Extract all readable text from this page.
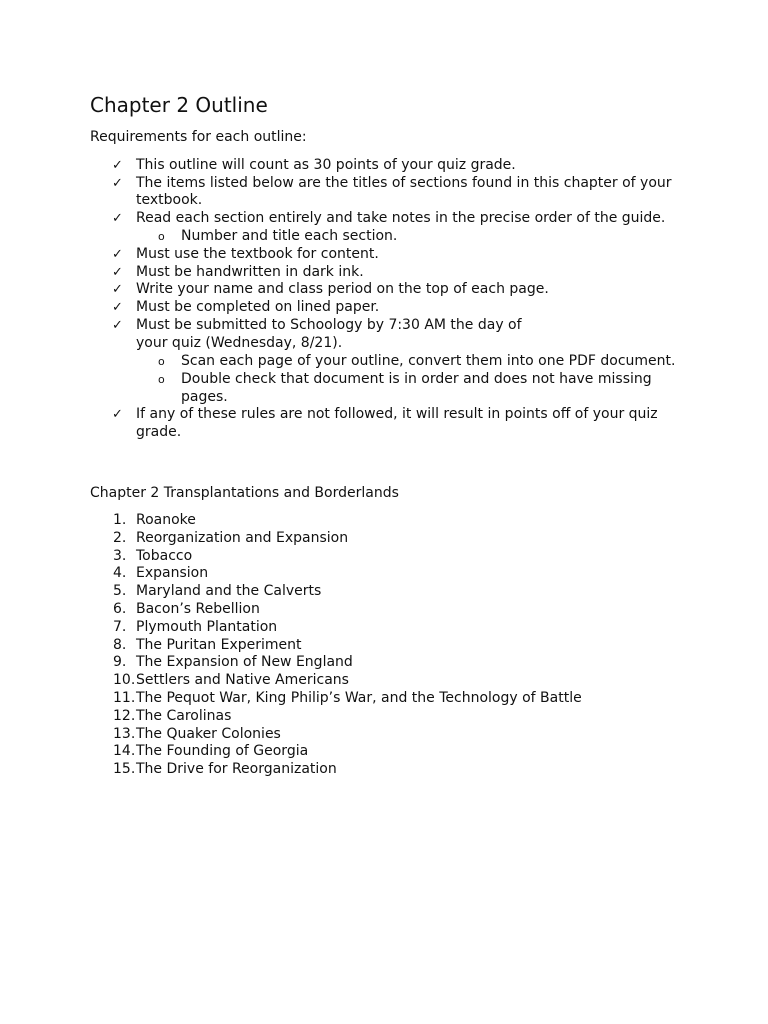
Chapter 2 Outline

Requirements for each outline:

✓ This outline will count as 30 points of your quiz grade.
✓ The items listed below are the titles of sections found in this chapter of your textbook.
✓ Read each section entirely and take notes in the precise order of the guide.
o Number and title each section.
✓ Must use the textbook for content.
✓ Must be handwritten in dark ink.
✓ Write your name and class period on the top of each page.
✓ Must be completed on lined paper.
✓ Must be submitted to Schoology by 7:30 AM the day of your quiz (Wednesday, 8/21).
o Scan each page of your outline, convert them into one PDF document.
o Double check that document is in order and does not have missing pages.
✓ If any of these rules are not followed, it will result in points off of your quiz grade.

Chapter 2 Transplantations and Borderlands

1. Roanoke
2. Reorganization and Expansion
3. Tobacco
4. Expansion
5. Maryland and the Calverts
6. Bacon’s Rebellion
7. Plymouth Plantation
8. The Puritan Experiment
9. The Expansion of New England
10. Settlers and Native Americans
11. The Pequot War, King Philip’s War, and the Technology of Battle
12. The Carolinas
13. The Quaker Colonies
14. The Founding of Georgia
15. The Drive for Reorganization
